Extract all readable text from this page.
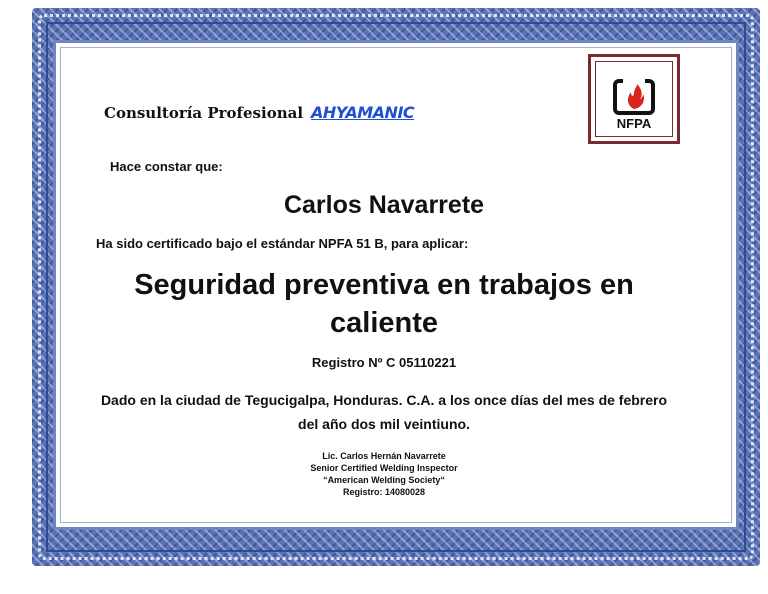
Consultoría Profesional AHYAMANIC
NFPA
Hace constar que:
Carlos Navarrete
Ha sido certificado bajo el estándar NPFA 51 B, para aplicar:
Seguridad preventiva en trabajos en
caliente
Registro Nº C 05110221
Dado en la ciudad de Tegucigalpa, Honduras. C.A. a los once días del mes de febrero
del año dos mil veintiuno.
Lic. Carlos Hernán Navarrete
Senior Certified Welding Inspector
“American Welding Society“
Registro: 14080028
